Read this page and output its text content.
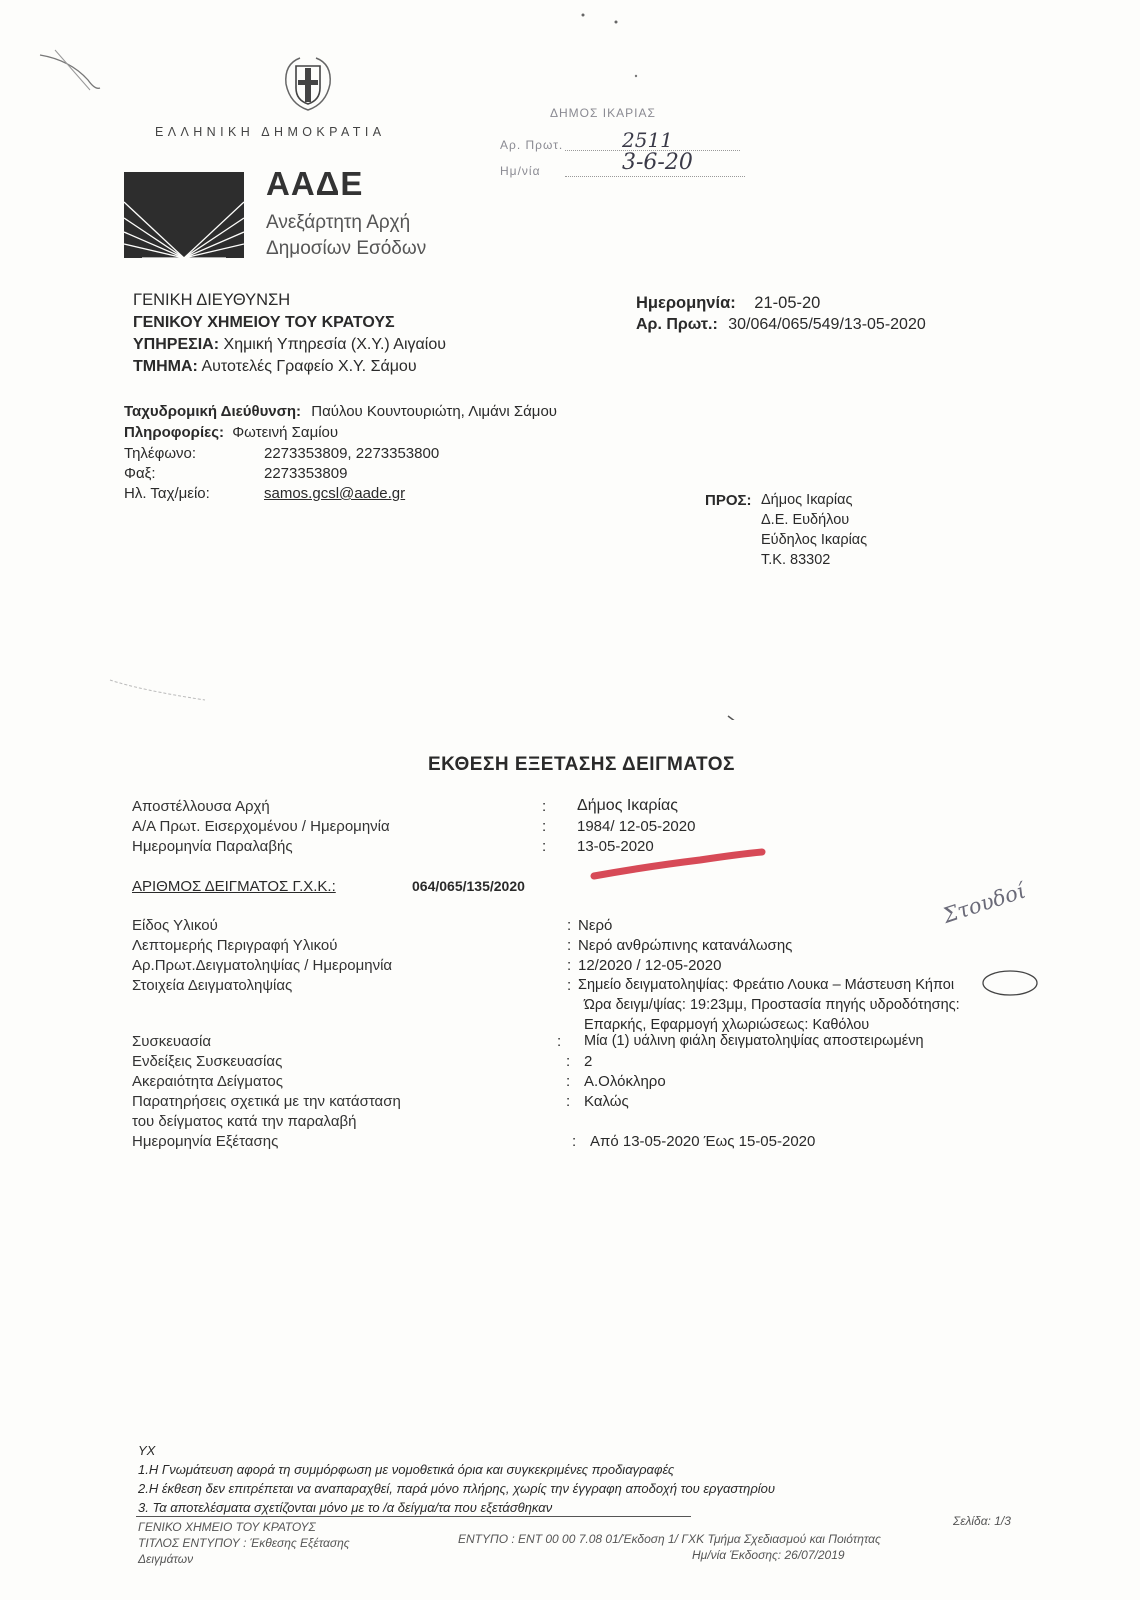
ΕΛΛΗΝΙΚΗ ΔΗΜΟΚΡΑΤΙΑ
ΑΑΔΕ
Ανεξάρτητη Αρχή
Δημοσίων Εσόδων
ΔΗΜΟΣ ΙΚΑΡΙΑΣ
Αρ. Πρωτ.	2511
Ημ/νία	3-6-20
ΓΕΝΙΚΗ ΔΙΕΥΘΥΝΣΗ
ΓΕΝΙΚΟΥ ΧΗΜΕΙΟΥ ΤΟΥ ΚΡΑΤΟΥΣ
ΥΠΗΡΕΣΙΑ: Χημική Υπηρεσία (Χ.Υ.) Αιγαίου
ΤΜΗΜΑ: Αυτοτελές Γραφείο Χ.Υ. Σάμου
Ημερομηνία: 21-05-20
Αρ. Πρωτ.: 30/064/065/549/13-05-2020
Ταχυδρομική Διεύθυνση: Παύλου Κουντουριώτη, Λιμάνι Σάμου
Πληροφορίες: Φωτεινή Σαμίου
Τηλέφωνο:	2273353809, 2273353800
Φαξ:	2273353809
Ηλ. Ταχ/μείο:	samos.gcsl@aade.gr	ΠΡΟΣ: Δήμος Ικαρίας
Δ.Ε. Ευδήλου
Εύδηλος Ικαρίας
Τ.Κ. 83302
ΕΚΘΕΣΗ ΕΞΕΤΑΣΗΣ ΔΕΙΓΜΑΤΟΣ
Αποστέλλουσα Αρχή	: Δήμος Ικαρίας
Α/Α Πρωτ. Εισερχομένου / Ημερομηνία	: 1984/ 12-05-2020
Ημερομηνία Παραλαβής	: 13-05-2020
ΑΡΙΘΜΟΣ ΔΕΙΓΜΑΤΟΣ Γ.Χ.Κ.:	064/065/135/2020
Είδος Υλικού	: Νερό
Λεπτομερής Περιγραφή Υλικού	: Νερό ανθρώπινης κατανάλωσης
Αρ.Πρωτ.Δειγματοληψίας / Ημερομηνία	: 12/2020 / 12-05-2020
Στοιχεία Δειγματοληψίας	: Σημείο δειγματοληψίας: Φρεάτιο Λουκα – Μάστευση Κήποι
Ώρα δειγμ/ψίας: 19:23μμ, Προστασία πηγής υδροδότησης:
Επαρκής, Εφαρμογή χλωριώσεως: Καθόλου
Στουδοί
Συσκευασία	: Μία (1) υάλινη φιάλη δειγματοληψίας αποστειρωμένη
Ενδείξεις Συσκευασίας	: 2
Ακεραιότητα Δείγματος	: Α.Ολόκληρο
Παρατηρήσεις σχετικά με την κατάσταση	: Καλώς
του δείγματος κατά την παραλαβή
Ημερομηνία Εξέτασης	: Από 13-05-2020 Έως 15-05-2020
ΥΧ
1.Η Γνωμάτευση αφορά τη συμμόρφωση με νομοθετικά όρια και συγκεκριμένες προδιαγραφές
2.Η έκθεση δεν επιτρέπεται να αναπαραχθεί, παρά μόνο πλήρης, χωρίς την έγγραφη αποδοχή του εργαστηρίου
3. Τα αποτελέσματα σχετίζονται μόνο με το /α δείγμα/τα που εξετάσθηκαν
ΓΕΝΙΚΟ ΧΗΜΕΙΟ ΤΟΥ ΚΡΑΤΟΥΣ
ΤΙΤΛΟΣ ΕΝΤΥΠΟΥ : Έκθεσης Εξέτασης
Δειγμάτων
Σελίδα: 1/3
ΕΝΤΥΠΟ : ΕΝΤ 00 00 7.08 01/Έκδοση 1/ ΓΧΚ Τμήμα Σχεδιασμού και Ποιότητας
Ημ/νία Έκδοσης: 26/07/2019
